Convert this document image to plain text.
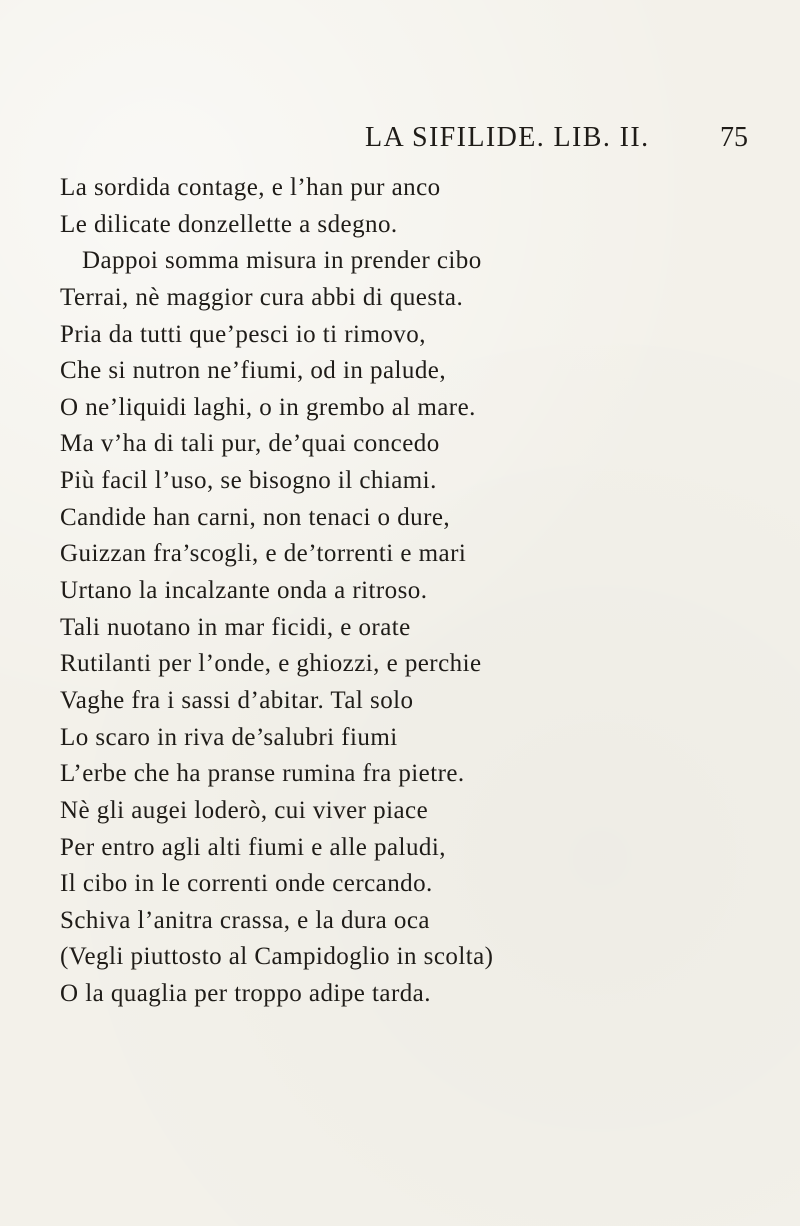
LA SIFILIDE. LIB. II.	75
La sordida contage, e l’han pur anco
Le dilicate donzellette a sdegno.
Dappoi somma misura in prender cibo
Terrai, nè maggior cura abbi di questa.
Pria da tutti que’pesci io ti rimovo,
Che si nutron ne’fiumi, od in palude,
O ne’liquidi laghi, o in grembo al mare.
Ma v’ha di tali pur, de’quai concedo
Più facil l’uso, se bisogno il chiami.
Candide han carni, non tenaci o dure,
Guizzan fra’scogli, e de’torrenti e mari
Urtano la incalzante onda a ritroso.
Tali nuotano in mar ficidi, e orate
Rutilanti per l’onde, e ghiozzi, e perchie
Vaghe fra i sassi d’abitar. Tal solo
Lo scaro in riva de’salubri fiumi
L’erbe che ha pranse rumina fra pietre.
Nè gli augei loderò, cui viver piace
Per entro agli alti fiumi e alle paludi,
Il cibo in le correnti onde cercando.
Schiva l’anitra crassa, e la dura oca
(Vegli piuttosto al Campidoglio in scolta)
O la quaglia per troppo adipe tarda.
